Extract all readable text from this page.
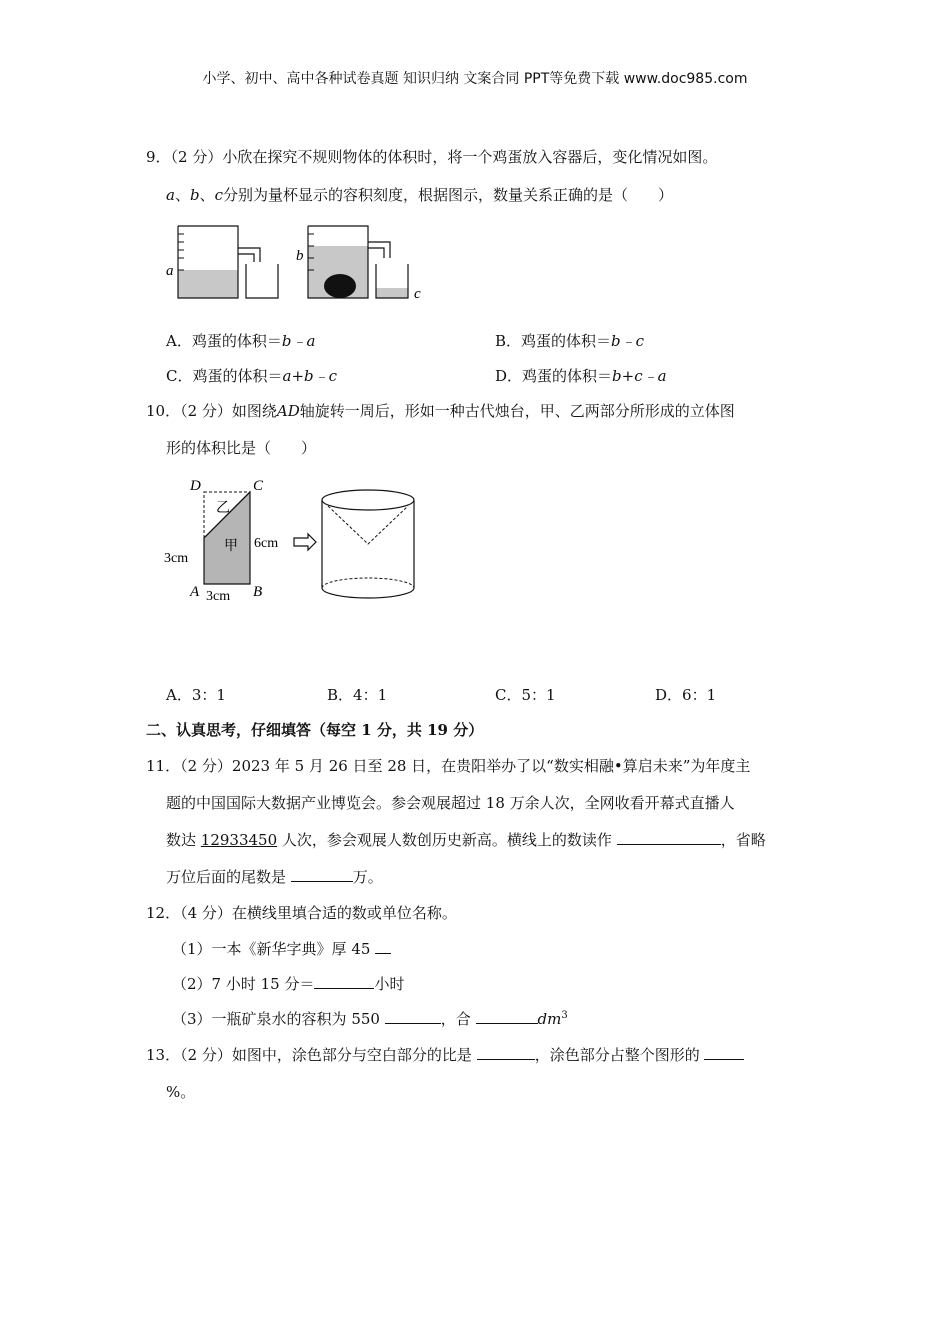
小学、初中、高中各种试卷真题 知识归纳 文案合同 PPT等免费下载 www.doc985.com
9．（2 分）小欣在探究不规则物体的体积时，将一个鸡蛋放入容器后，变化情况如图。
a、b、c分别为量杯显示的容积刻度，根据图示，数量关系正确的是（　　）
a
b
c
A．鸡蛋的体积＝b﹣a	B．鸡蛋的体积＝b﹣c
C．鸡蛋的体积＝a+b﹣c	D．鸡蛋的体积＝b+c﹣a
10．（2 分）如图绕AD轴旋转一周后，形如一种古代烛台，甲、乙两部分所形成的立体图
形的体积比是（　　）
D	C
A	B
乙
甲
3cm
6cm
3cm
A．3：1	B．4：1	C．5：1	D．6：1
二、认真思考，仔细填答（每空 1 分，共 19 分）
11．（2 分）2023 年 5 月 26 日至 28 日，在贵阳举办了以“数实相融•算启未来”为年度主
题的中国国际大数据产业博览会。参会观展超过 18 万余人次，全网收看开幕式直播人
数达 12933450 人次，参会观展人数创历史新高。横线上的数读作	，省略
万位后面的尾数是	万。
12．（4 分）在横线里填合适的数或单位名称。
（1）一本《新华字典》厚 45
（2）7 小时 15 分＝	小时
（3）一瓶矿泉水的容积为 550	，合	$dm^3$
13．（2 分）如图中，涂色部分与空白部分的比是	，涂色部分占整个图形的
%。
